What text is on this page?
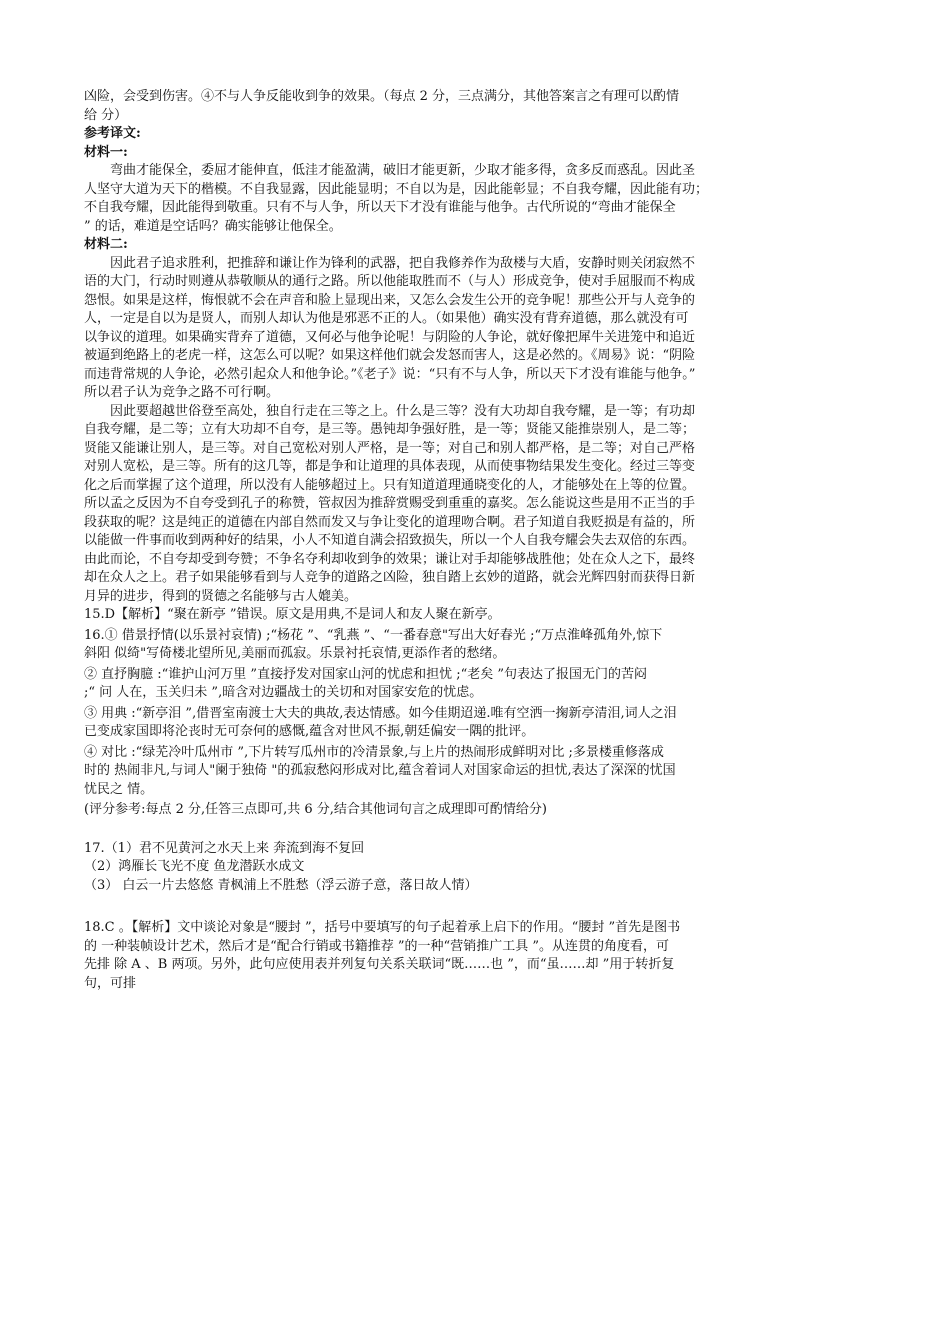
凶险，会受到伤害。④不与人争反能收到争的效果。（每点 2 分，三点满分，其他答案言之有理可以酌情
给 分）

参考译文:

材料一:

弯曲才能保全，委屈才能伸直，低洼才能盈满，破旧才能更新，少取才能多得，贪多反而惑乱。因此圣
人坚守大道为天下的楷模。不自我显露，因此能显明；不自以为是，因此能彰显；不自我夸耀，因此能有功；
不自我夸耀，因此能得到敬重。只有不与人争，所以天下才没有谁能与他争。古代所说的“弯曲才能保全
” 的话，难道是空话吗？确实能够让他保全。

材料二:

因此君子追求胜利，把推辞和谦让作为锋利的武器，把自我修养作为敌楼与大盾，安静时则关闭寂然不
语的大门，行动时则遵从恭敬顺从的通行之路。所以他能取胜而不（与人）形成竞争，使对手屈服而不构成
怨恨。如果是这样，悔恨就不会在声音和脸上显现出来，又怎么会发生公开的竞争呢！那些公开与人竞争的
人，一定是自以为是贤人，而别人却认为他是邪恶不正的人。（如果他）确实没有背弃道德，那么就没有可
以争议的道理。如果确实背弃了道德，又何必与他争论呢！与阴险的人争论，就好像把犀牛关进笼中和追近
被逼到绝路上的老虎一样，这怎么可以呢？如果这样他们就会发怒而害人，这是必然的。《周易》说：“阴险
而违背常规的人争论，必然引起众人和他争论。”《老子》说：“只有不与人争，所以天下才没有谁能与他争。”
所以君子认为竞争之路不可行啊。

因此要超越世俗登至高处，独自行走在三等之上。什么是三等？没有大功却自我夸耀，是一等；有功却
自我夸耀，是二等；立有大功却不自夸，是三等。愚钝却争强好胜，是一等；贤能又能推崇别人，是二等；
贤能又能谦让别人，是三等。对自己宽松对别人严格，是一等；对自己和别人都严格，是二等；对自己严格
对别人宽松，是三等。所有的这几等，都是争和让道理的具体表现，从而使事物结果发生变化。经过三等变
化之后而掌握了这个道理，所以没有人能够超过上。只有知道道理通晓变化的人，才能够处在上等的位置。
所以孟之反因为不自夸受到孔子的称赞，管叔因为推辞赏赐受到重重的嘉奖。怎么能说这些是用不正当的手
段获取的呢？这是纯正的道德在内部自然而发又与争让变化的道理吻合啊。君子知道自我贬损是有益的，所
以能做一件事而收到两种好的结果，小人不知道自满会招致损失，所以一个人自我夸耀会失去双倍的东西。
由此而论，不自夸却受到夸赞；不争名夺利却收到争的效果；谦让对手却能够战胜他；处在众人之下，最终
却在众人之上。君子如果能够看到与人竞争的道路之凶险，独自踏上玄妙的道路，就会光辉四射而获得日新
月异的进步，得到的贤德之名能够与古人媲美。

15.D【解析】“聚在新亭 ”错误。原文是用典,不是词人和友人聚在新亭。

16.① 借景抒情(以乐景衬哀情) ;“杨花 ”、“乳燕 ”、“一番春意"写出大好春光 ;“万点淮峰孤角外,惊下
斜阳 似绮"写倚楼北望所见,美丽而孤寂。乐景衬托哀情,更添作者的愁绪。

② 直抒胸臆 :“谁护山河万里 ”直接抒发对国家山河的忧虑和担忧 ;“老矣 ”句表达了报国无门的苦闷
;“ 问 人在，玉关归未 ”,暗含对边疆战士的关切和对国家安危的忧虑。

③ 用典 :“新亭泪 ”,借晋室南渡士大夫的典故,表达情感。如今佳期迢递.唯有空洒一掬新亭清泪,词人之泪
已变成家国即将沦丧时无可奈何的感慨,蕴含对世风不振,朝廷偏安一隅的批评。

④ 对比 :“绿芜冷叶瓜州市 ”,下片转写瓜州市的冷清景象,与上片的热闹形成鲜明对比 ;多景楼重修落成
时的 热闹非凡,与词人"阑于独倚 "的孤寂愁闷形成对比,蕴含着词人对国家命运的担忧,表达了深深的忧国
忧民之 情。

(评分参考:每点 2 分,任答三点即可,共 6 分,结合其他词句言之成理即可酌情给分)

17.（1）君不见黄河之水天上来 奔流到海不复回

（2）鸿雁长飞光不度 鱼龙潜跃水成文

（3） 白云一片去悠悠 青枫浦上不胜愁（浮云游子意，落日故人情）

18.C 。【解析】文中谈论对象是“腰封 ”，括号中要填写的句子起着承上启下的作用。“腰封 ”首先是图书
的 一种装帧设计艺术，然后才是“配合行销或书籍推荐 ”的一种“营销推广工具 ”。从连贯的角度看，可
先排 除 A 、B 两项。另外，此句应使用表并列复句关系关联词“既……也 ”，而“虽……却 ”用于转折复
句，可排
